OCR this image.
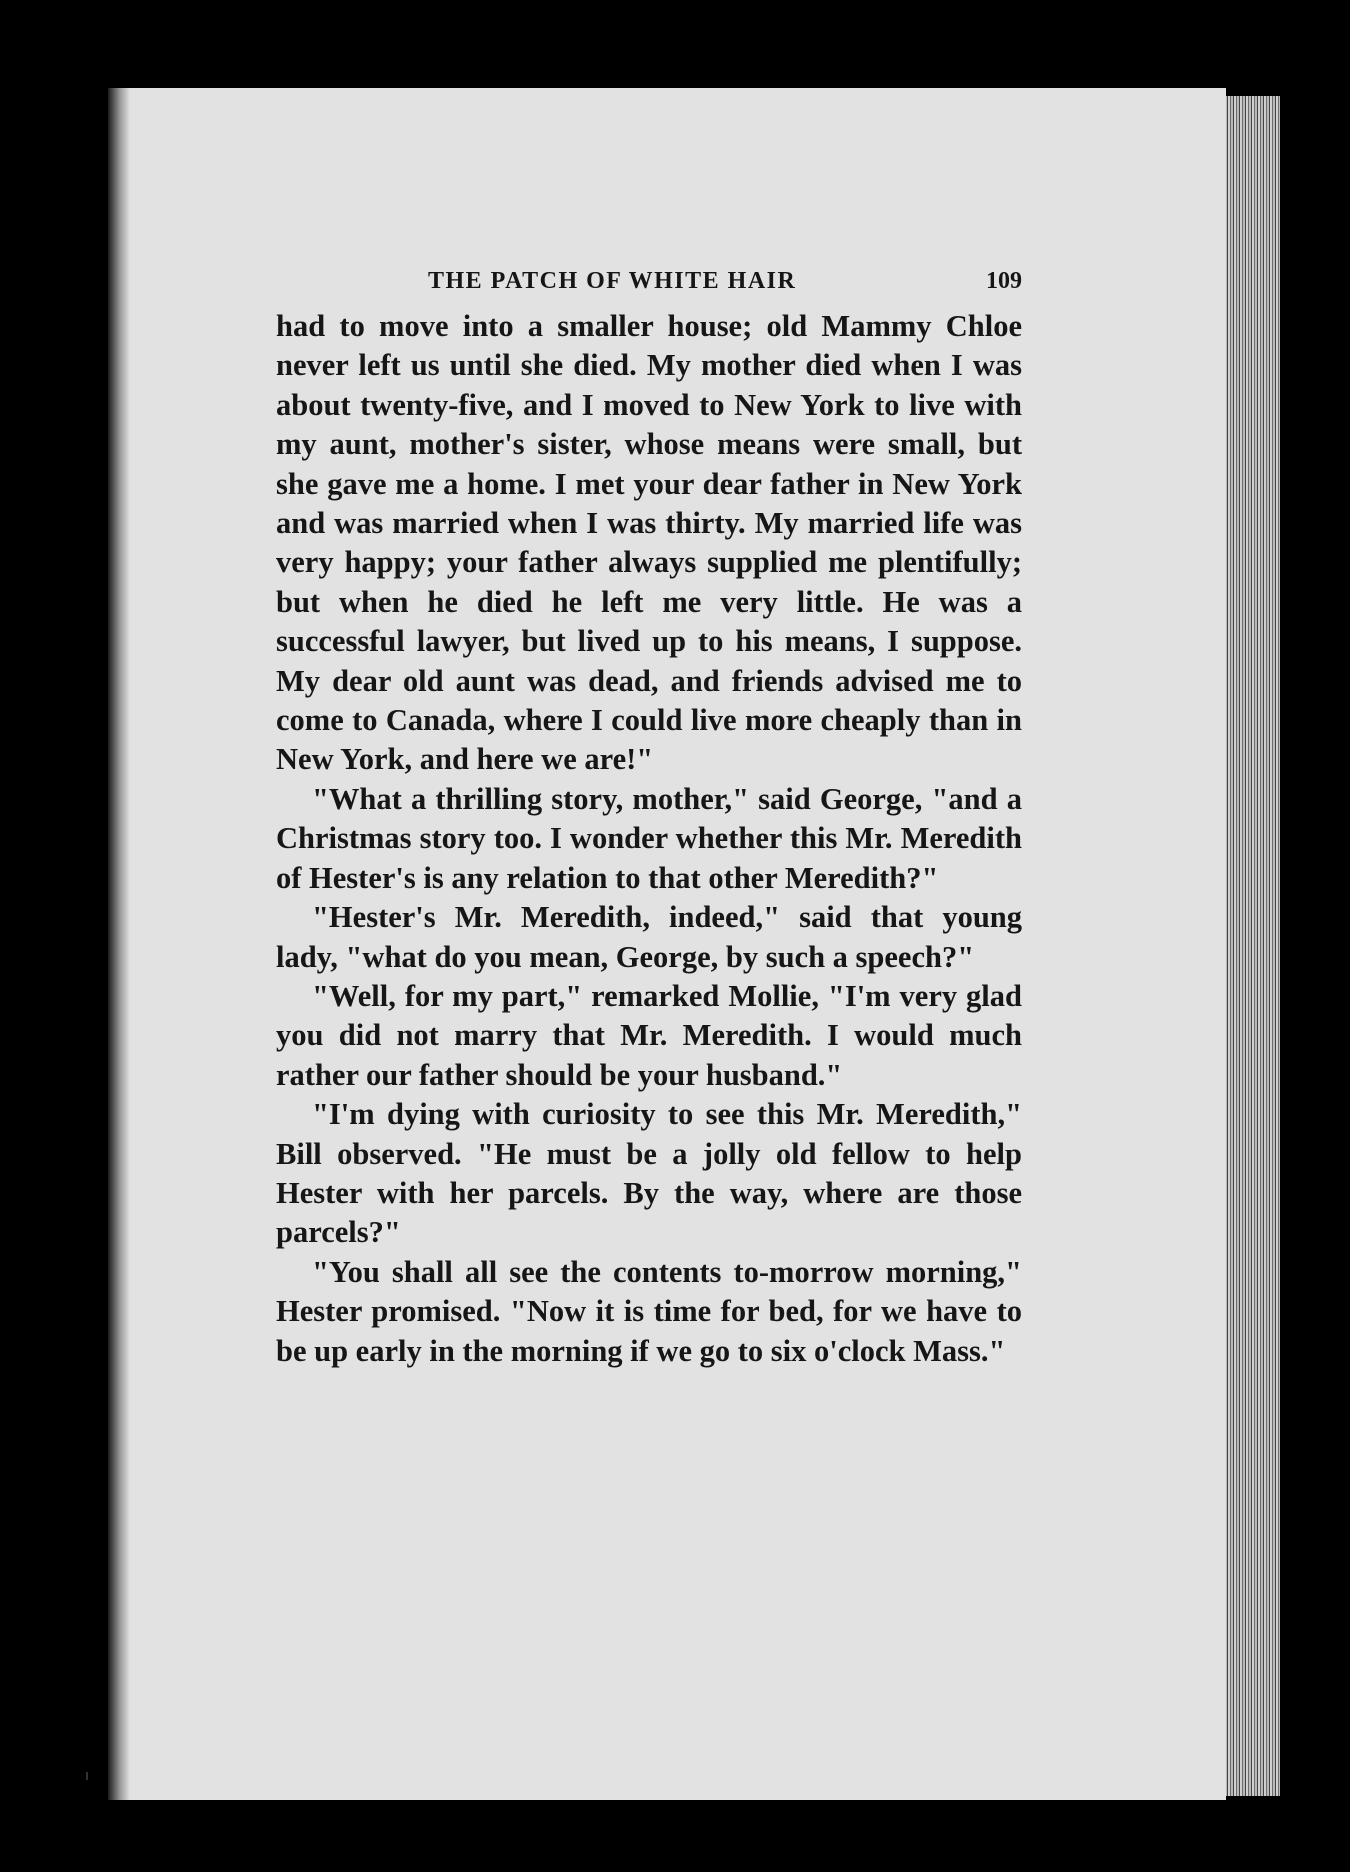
THE PATCH OF WHITE HAIR	109

had to move into a smaller house; old Mammy Chloe never left us until she died. My mother died when I was about twenty-five, and I moved to New York to live with my aunt, mother's sister, whose means were small, but she gave me a home. I met your dear father in New York and was married when I was thirty. My married life was very happy; your father always supplied me plentifully; but when he died he left me very little. He was a successful lawyer, but lived up to his means, I suppose. My dear old aunt was dead, and friends advised me to come to Canada, where I could live more cheaply than in New York, and here we are!"

"What a thrilling story, mother," said George, "and a Christmas story too. I wonder whether this Mr. Meredith of Hester's is any relation to that other Meredith?"

"Hester's Mr. Meredith, indeed," said that young lady, "what do you mean, George, by such a speech?"

"Well, for my part," remarked Mollie, "I'm very glad you did not marry that Mr. Meredith. I would much rather our father should be your husband."

"I'm dying with curiosity to see this Mr. Meredith," Bill observed. "He must be a jolly old fellow to help Hester with her parcels. By the way, where are those parcels?"

"You shall all see the contents to-morrow morning," Hester promised. "Now it is time for bed, for we have to be up early in the morning if we go to six o'clock Mass."
